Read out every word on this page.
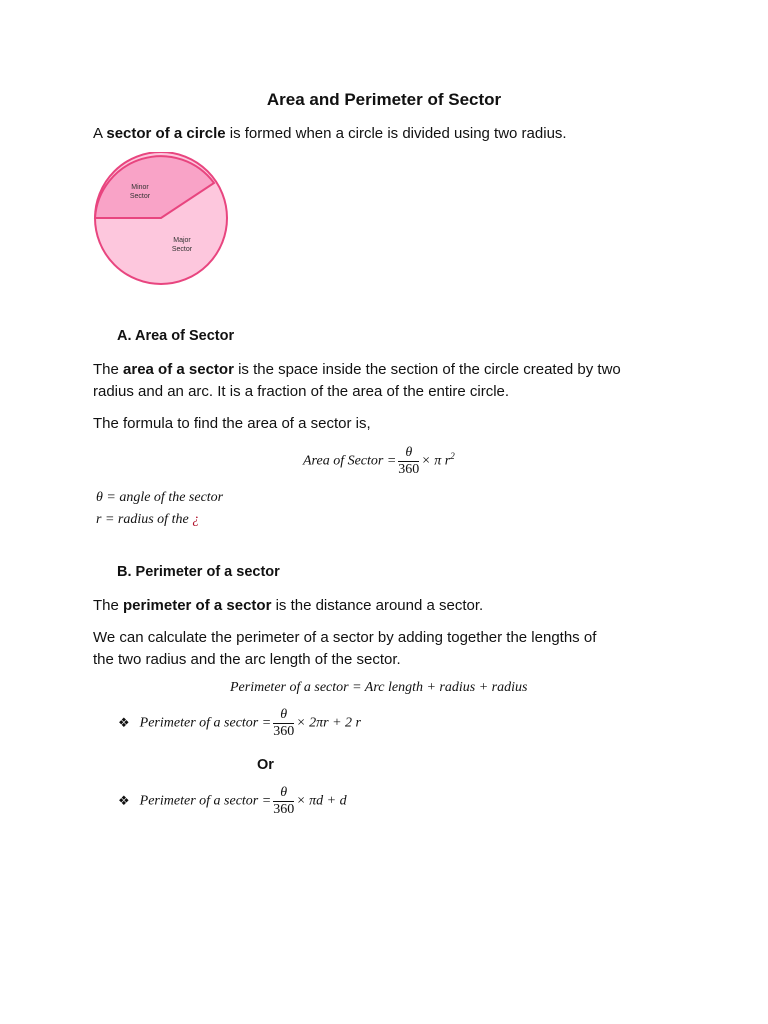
Area and Perimeter of Sector
A sector of a circle is formed when a circle is divided using two radius.
Minor
Sector
Major
Sector
A. Area of Sector
The area of a sector is the space inside the section of the circle created by two
radius and an arc. It is a fraction of the area of the entire circle.
The formula to find the area of a sector is,
Area of Sector = $\frac{\theta}{360} \times \pi$ $r^2$
θ = angle of the sector
r = radius of the ¿
B. Perimeter of a sector
The perimeter of a sector is the distance around a sector.
We can calculate the perimeter of a sector by adding together the lengths of
the two radius and the arc length of the sector.
Perimeter of a sector = Arc length + radius + radius
❖ Perimeter of a sector = $\frac{\theta}{360} \times 2\pi r + 2$ r
Or
❖ Perimeter of a sector = $\frac{\theta}{360} \times \pi d + d$
